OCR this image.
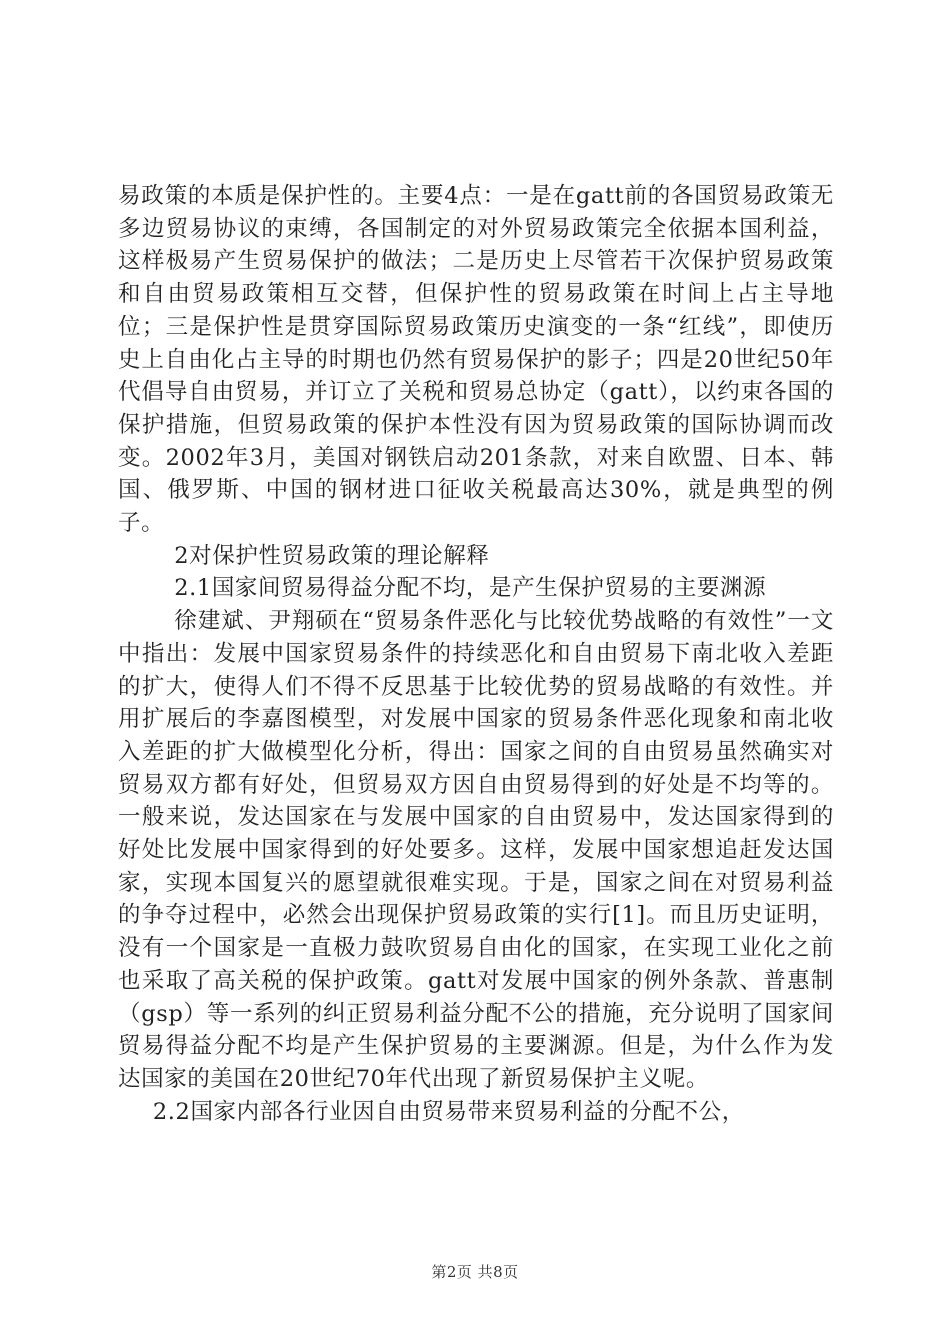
易政策的本质是保护性的。主要4点：一是在gatt前的各国贸易政策无多边贸易协议的束缚，各国制定的对外贸易政策完全依据本国利益，这样极易产生贸易保护的做法；二是历史上尽管若干次保护贸易政策和自由贸易政策相互交替，但保护性的贸易政策在时间上占主导地位；三是保护性是贯穿国际贸易政策历史演变的一条“红线”，即使历史上自由化占主导的时期也仍然有贸易保护的影子；四是20世纪50年代倡导自由贸易，并订立了关税和贸易总协定（gatt），以约束各国的保护措施，但贸易政策的保护本性没有因为贸易政策的国际协调而改变。2002年3月，美国对钢铁启动201条款，对来自欧盟、日本、韩国、俄罗斯、中国的钢材进口征收关税最高达30%，就是典型的例子。

2对保护性贸易政策的理论解释

2.1国家间贸易得益分配不均，是产生保护贸易的主要渊源

徐建斌、尹翔硕在“贸易条件恶化与比较优势战略的有效性”一文中指出：发展中国家贸易条件的持续恶化和自由贸易下南北收入差距的扩大，使得人们不得不反思基于比较优势的贸易战略的有效性。并用扩展后的李嘉图模型，对发展中国家的贸易条件恶化现象和南北收入差距的扩大做模型化分析，得出：国家之间的自由贸易虽然确实对贸易双方都有好处，但贸易双方因自由贸易得到的好处是不均等的。一般来说，发达国家在与发展中国家的自由贸易中，发达国家得到的好处比发展中国家得到的好处要多。这样，发展中国家想追赶发达国家，实现本国复兴的愿望就很难实现。于是，国家之间在对贸易利益的争夺过程中，必然会出现保护贸易政策的实行[1]。而且历史证明，没有一个国家是一直极力鼓吹贸易自由化的国家，在实现工业化之前也采取了高关税的保护政策。gatt对发展中国家的例外条款、普惠制（gsp）等一系列的纠正贸易利益分配不公的措施，充分说明了国家间贸易得益分配不均是产生保护贸易的主要渊源。但是，为什么作为发达国家的美国在20世纪70年代出现了新贸易保护主义呢。

2.2国家内部各行业因自由贸易带来贸易利益的分配不公，

第2页 共8页
